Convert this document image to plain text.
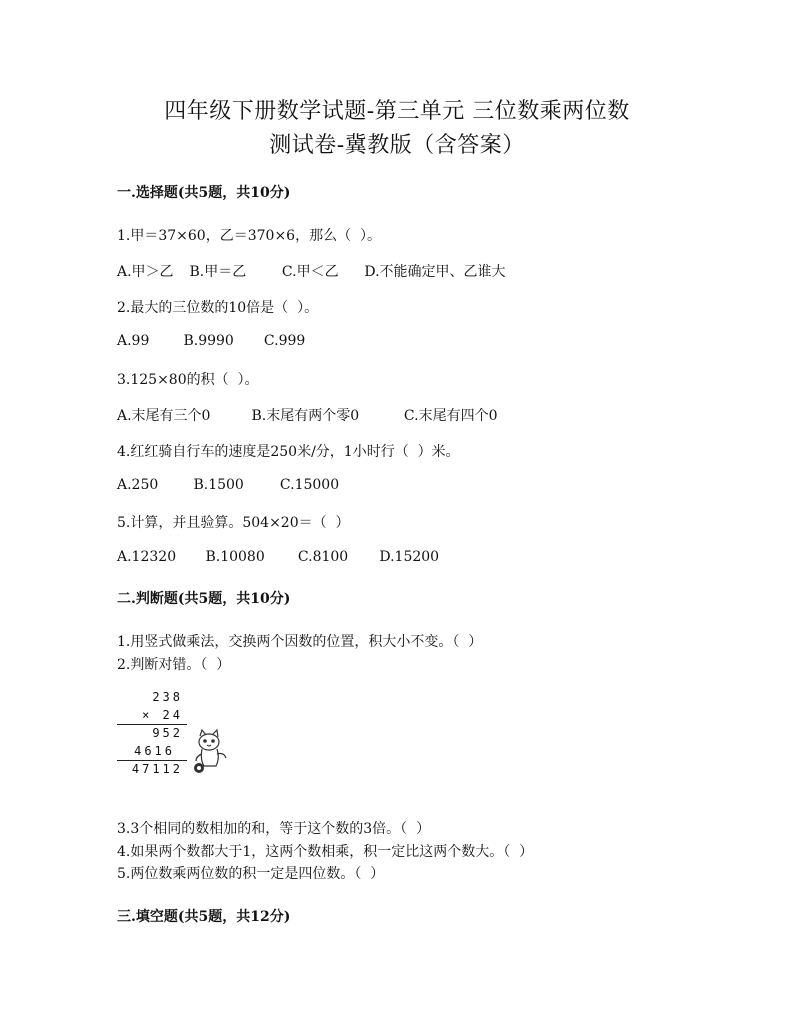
四年级下册数学试题-第三单元 三位数乘两位数
测试卷-冀教版（含答案）
一.选择题(共5题，共10分)
1.甲＝37×60，乙＝370×6，那么（  ）。
A.甲＞乙 B.甲＝乙	C.甲＜乙 D.不能确定甲、乙谁大
2.最大的三位数的10倍是（  ）。
A.99 B.9990 C.999
3.125×80的积（  ）。
A.末尾有三个0	B.末尾有两个零0	C.末尾有四个0
4.红红骑自行车的速度是250米/分，1小时行（  ）米。
A.250	B.1500	C.15000
5.计算，并且验算。504×20＝（  ）
A.12320 B.10080 C.8100 D.15200
二.判断题(共5题，共10分)
1.用竖式做乘法，交换两个因数的位置，积大小不变。（  ）
2.判断对错。（  ）
238
× 24
952
4616
47112
3.3个相同的数相加的和，等于这个数的3倍。（  ）
4.如果两个数都大于1，这两个数相乘，积一定比这两个数大。（  ）
5.两位数乘两位数的积一定是四位数。（  ）
三.填空题(共5题，共12分)
